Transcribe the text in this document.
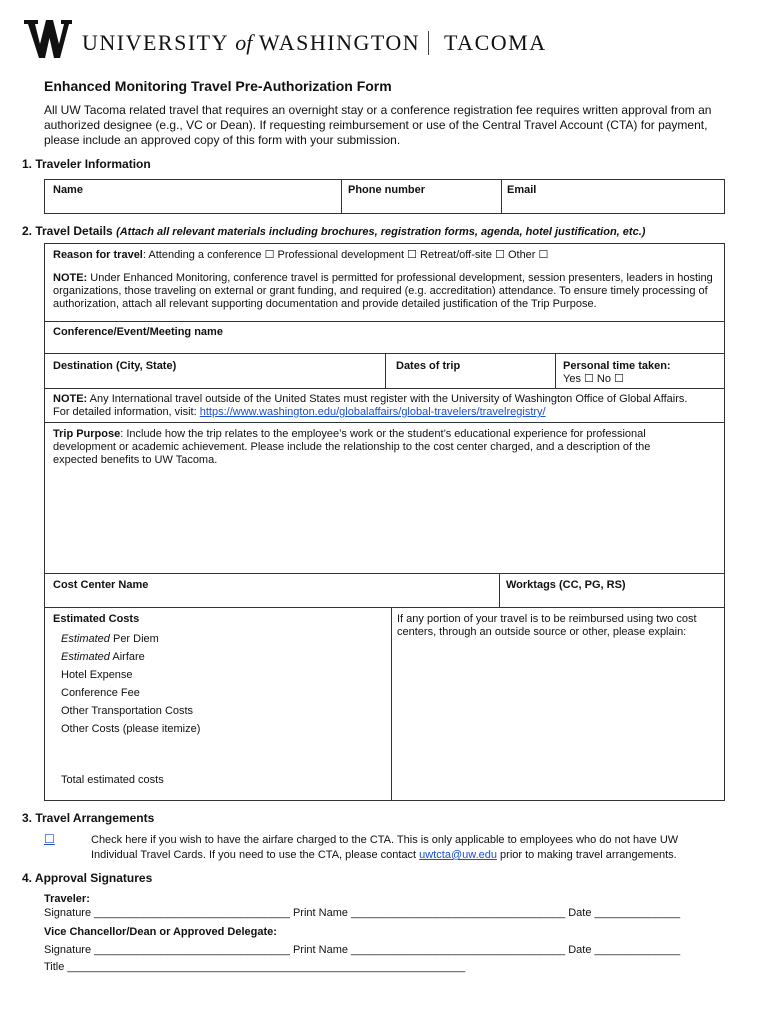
UNIVERSITY of WASHINGTON TACOMA
Enhanced Monitoring Travel Pre-Authorization Form
All UW Tacoma related travel that requires an overnight stay or a conference registration fee requires written approval from an authorized designee (e.g., VC or Dean). If requesting reimbursement or use of the Central Travel Account (CTA) for payment, please include an approved copy of this form with your submission.
1. Traveler Information
Name	Phone number	Email
2. Travel Details (Attach all relevant materials including brochures, registration forms, agenda, hotel justification, etc.)
Reason for travel: Attending a conference ☐ Professional development ☐ Retreat/off-site ☐ Other ☐
NOTE: Under Enhanced Monitoring, conference travel is permitted for professional development, session presenters, leaders in hosting organizations, those traveling on external or grant funding, and required (e.g. accreditation) attendance. To ensure timely processing of authorization, attach all relevant supporting documentation and provide detailed justification of the Trip Purpose.
Conference/Event/Meeting name
Destination (City, State)	Dates of trip	Personal time taken:
Yes ☐ No ☐
NOTE: Any International travel outside of the United States must register with the University of Washington Office of Global Affairs.
For detailed information, visit: https://www.washington.edu/globalaffairs/global-travelers/travelregistry/
Trip Purpose: Include how the trip relates to the employee’s work or the student’s educational experience for professional development or academic achievement. Please include the relationship to the cost center charged, and a description of the expected benefits to UW Tacoma.
Cost Center Name	Worktags (CC, PG, RS)
Estimated Costs
Estimated Per Diem
Estimated Airfare
Hotel Expense
Conference Fee
Other Transportation Costs
Other Costs (please itemize)
Total estimated costs
If any portion of your travel is to be reimbursed using two cost centers, through an outside source or other, please explain:
3. Travel Arrangements
☐	Check here if you wish to have the airfare charged to the CTA. This is only applicable to employees who do not have UW
Individual Travel Cards. If you need to use the CTA, please contact uwtcta@uw.edu prior to making travel arrangements.
4. Approval Signatures
Traveler:
Signature ________________________________ Print Name ___________________________________ Date ______________
Vice Chancellor/Dean or Approved Delegate:
Signature ________________________________ Print Name ___________________________________ Date ______________
Title _________________________________________________________________
